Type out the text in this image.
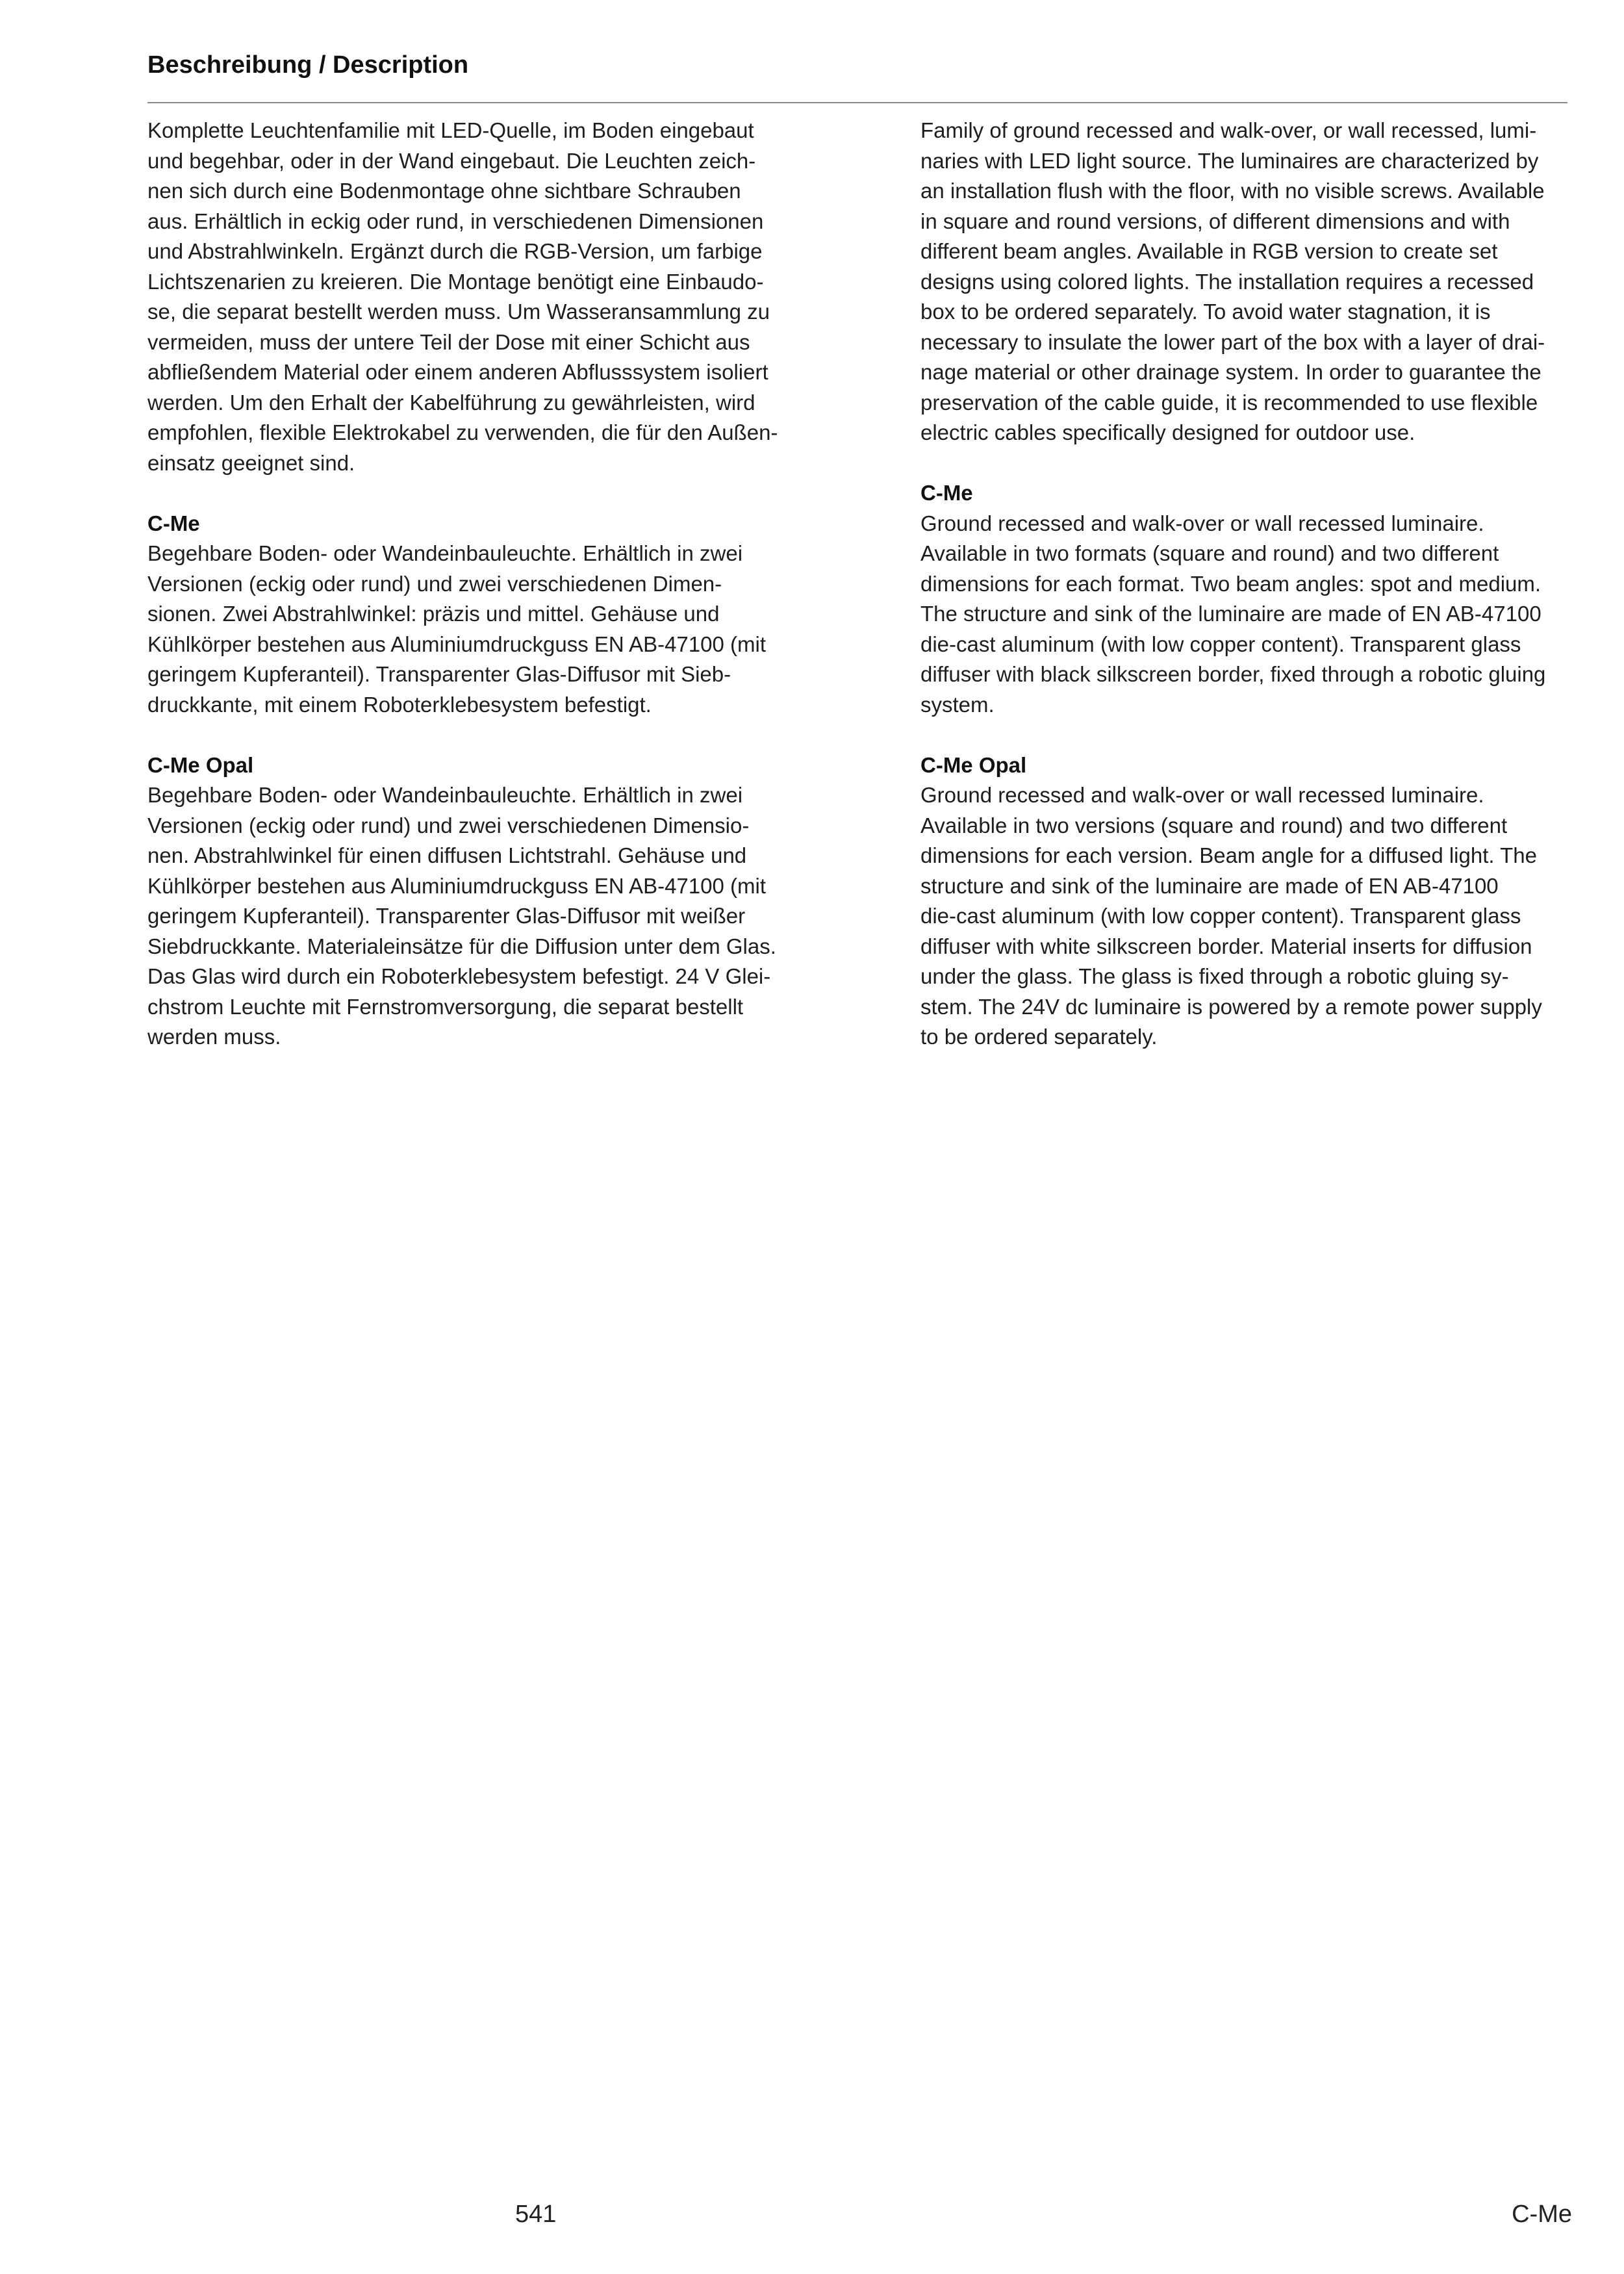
Beschreibung / Description
Komplette Leuchtenfamilie mit LED-Quelle, im Boden eingebaut
und begehbar, oder in der Wand eingebaut. Die Leuchten zeich-
nen sich durch eine Bodenmontage ohne sichtbare Schrauben
aus. Erhältlich in eckig oder rund, in verschiedenen Dimensionen
und Abstrahlwinkeln. Ergänzt durch die RGB-Version, um farbige
Lichtszenarien zu kreieren. Die Montage benötigt eine Einbaudo-
se, die separat bestellt werden muss. Um Wasseransammlung zu
vermeiden, muss der untere Teil der Dose mit einer Schicht aus
abfließendem Material oder einem anderen Abflusssystem isoliert
werden. Um den Erhalt der Kabelführung zu gewährleisten, wird
empfohlen, flexible Elektrokabel zu verwenden, die für den Außen-
einsatz geeignet sind.
C-Me
Begehbare Boden- oder Wandeinbauleuchte. Erhältlich in zwei
Versionen (eckig oder rund) und zwei verschiedenen Dimen-
sionen. Zwei Abstrahlwinkel: präzis und mittel. Gehäuse und
Kühlkörper bestehen aus Aluminiumdruckguss EN AB-47100 (mit
geringem Kupferanteil). Transparenter Glas-Diffusor mit Sieb-
druckkante, mit einem Roboterklebesystem befestigt.
C-Me Opal
Begehbare Boden- oder Wandeinbauleuchte. Erhältlich in zwei
Versionen (eckig oder rund) und zwei verschiedenen Dimensio-
nen. Abstrahlwinkel für einen diffusen Lichtstrahl. Gehäuse und
Kühlkörper bestehen aus Aluminiumdruckguss EN AB-47100 (mit
geringem Kupferanteil). Transparenter Glas-Diffusor mit weißer
Siebdruckkante. Materialeinsätze für die Diffusion unter dem Glas.
Das Glas wird durch ein Roboterklebesystem befestigt. 24 V Glei-
chstrom Leuchte mit Fernstromversorgung, die separat bestellt
werden muss.
Family of ground recessed and walk-over, or wall recessed, lumi-
naries with LED light source. The luminaires are characterized by
an installation flush with the floor, with no visible screws. Available
in square and round versions, of different dimensions and with
different beam angles. Available in RGB version to create set
designs using colored lights. The installation requires a recessed
box to be ordered separately. To avoid water stagnation, it is
necessary to insulate the lower part of the box with a layer of drai-
nage material or other drainage system. In order to guarantee the
preservation of the cable guide, it is recommended to use flexible
electric cables specifically designed for outdoor use.
C-Me
Ground recessed and walk-over or wall recessed luminaire.
Available in two formats (square and round) and two different
dimensions for each format. Two beam angles: spot and medium.
The structure and sink of the luminaire are made of EN AB-47100
die-cast aluminum (with low copper content). Transparent glass
diffuser with black silkscreen border, fixed through a robotic gluing
system.
C-Me Opal
Ground recessed and walk-over or wall recessed luminaire.
Available in two versions (square and round) and two different
dimensions for each version. Beam angle for a diffused light. The
structure and sink of the luminaire are made of EN AB-47100
die-cast aluminum (with low copper content). Transparent glass
diffuser with white silkscreen border. Material inserts for diffusion
under the glass. The glass is fixed through a robotic gluing sy-
stem. The 24V dc luminaire is powered by a remote power supply
to be ordered separately.
541	C-Me
